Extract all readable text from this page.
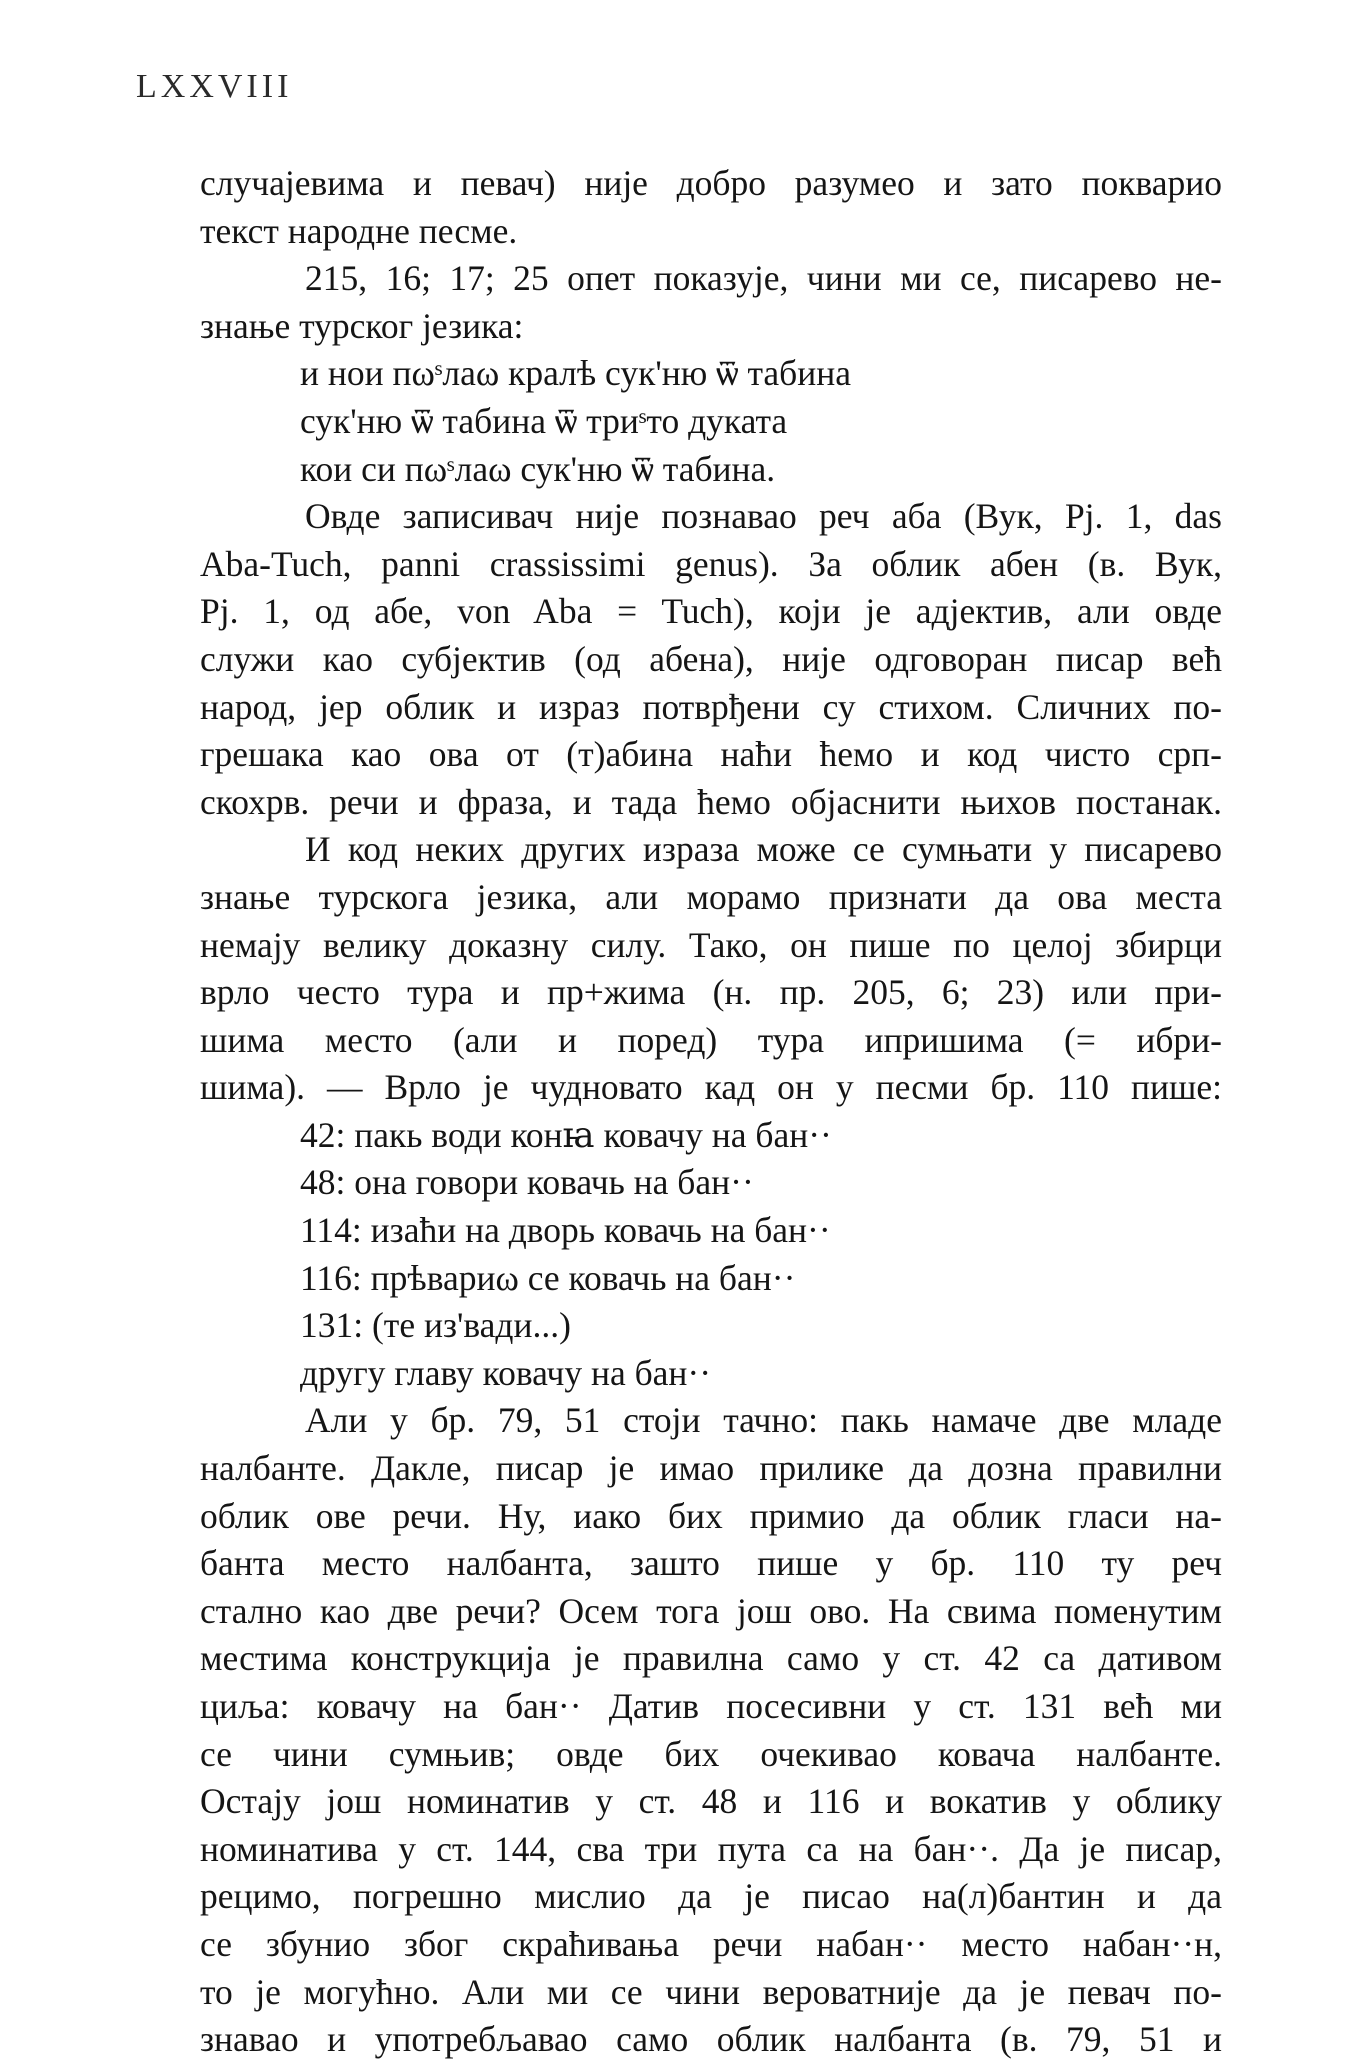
LXXVIII
случајевима и певач) није добро разумео и зато покварио
текст народне песме.
215, 16; 17; 25 опет показује, чини ми се, писарево не-
знање турског језика:
и нои пωˢлаω кралѣ сук'ню ѿ табина
сук'ню ѿ табина ѿ триˢто дуката
кои си пωˢлаω сук'ню ѿ табина.
Овде записивач није познавао реч аба (Вук, Рј. 1, das
Aba-Tuch, panni crassissimi genus). За облик абен (в. Вук,
Рј. 1, од абе, von Aba = Tuch), који је адјектив, али овде
служи као субјектив (од абена), није одговоран писар већ
народ, јер облик и израз потврђени су стихом. Сличних по-
грешака као ова от (т)абина наћи ћемо и код чисто срп-
скохрв. речи и фраза, и тада ћемо објаснити њихов постанак.
И код неких других израза може се сумњати у писарево
знање турскога језика, али морамо признати да ова места
немају велику доказну силу. Тако, он пише по целој збирци
врло често тура и пр+жима (н. пр. 205, 6; 23) или при-
шима место (али и поред) тура ипришима (= ибри-
шима). — Врло је чудновато кад он у песми бр. 110 пише:
42: пакь води конꙗ ковачу на бан··
48: онa говори ковачь на бан··
114: изаћи на дворь ковачь на бан··
116: прѣвариω се ковачь на бан··
131: (те из'вади...)
другу главу ковачу на бан··
Али у бр. 79, 51 стоји тачно: пакь намаче две младе
налбанте. Дакле, писар је имао прилике да дозна правилни
облик ове речи. Ну, иако бих примио да облик гласи на-
банта место налбанта, зашто пише у бр. 110 ту реч
стално као две речи? Осем тога још ово. На свима поменутим
местима конструкција је правилна само у ст. 42 са дативом
циља: ковачу на бан·· Датив посесивни у ст. 131 већ ми
се чини сумњив; овде бих очекивао ковача налбанте.
Остају још номинатив у ст. 48 и 116 и вокатив у облику
номинатива у ст. 144, сва три пута са на бан··. Да је писар,
рецимо, погрешно мислио да је писао на(л)бантин и да
се збунио због скраћивања речи набан·· место набан··н,
то је могућно. Али ми се чини вероватније да је певач по-
знавао и употребљавао само облик налбанта (в. 79, 51 и
